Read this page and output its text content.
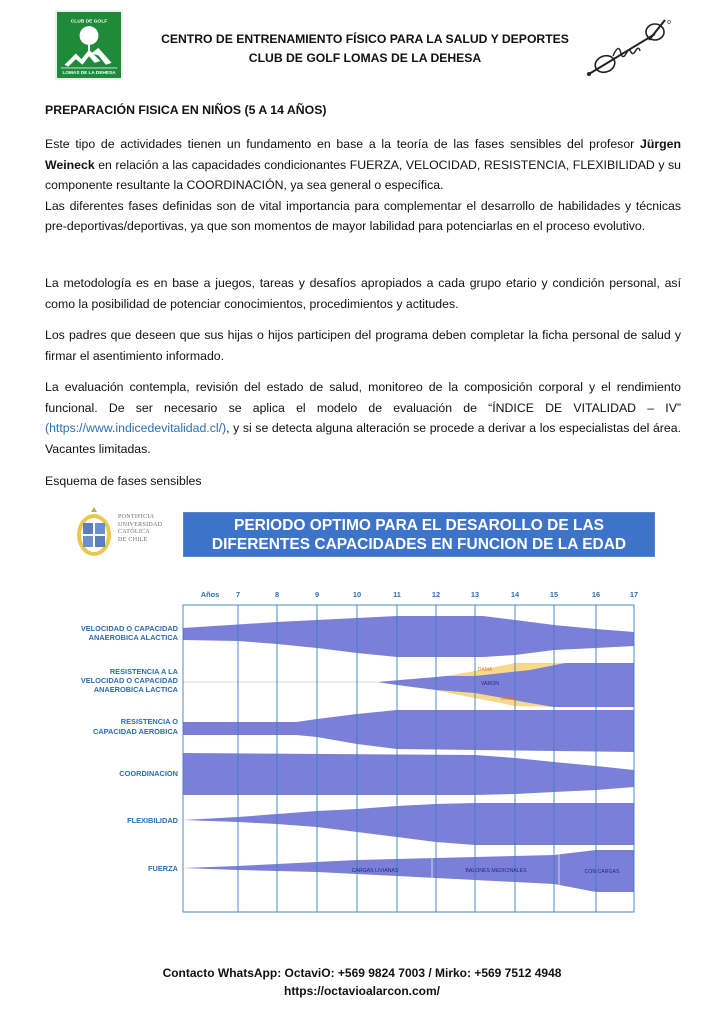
CLUB DE GOLF
LOMAS DE LA DEHESA
CENTRO DE ENTRENAMIENTO FÍSICO PARA LA SALUD Y DEPORTES
CLUB DE GOLF LOMAS DE LA DEHESA
PREPARACIÓN FISICA EN NIÑOS (5 A 14 AÑOS)
Este tipo de actividades tienen un fundamento en base a la teoría de las fases sensibles del profesor Jürgen Weineck en relación a las capacidades condicionantes FUERZA, VELOCIDAD, RESISTENCIA, FLEXIBILIDAD y su componente resultante la COORDINACIÓN, ya sea general o específica.
Las diferentes fases definidas son de vital importancia para complementar el desarrollo de habilidades y técnicas pre-deportivas/deportivas, ya que son momentos de mayor labilidad para potenciarlas en el proceso evolutivo.
La metodología es en base a juegos, tareas y desafíos apropiados a cada grupo etario y condición personal, así como la posibilidad de potenciar conocimientos, procedimientos y actitudes.
Los padres que deseen que sus hijas o hijos participen del programa deben completar la ficha personal de salud y firmar el asentimiento informado.
La evaluación contempla, revisión del estado de salud, monitoreo de la composición corporal y el rendimiento funcional. De ser necesario se aplica el modelo de evaluación de “ÍNDICE DE VITALIDAD – IV” (https://www.indicedevitalidad.cl/), y si se detecta alguna alteración se procede a derivar a los especialistas del área. Vacantes limitadas.
Esquema de fases sensibles
PONTIFICIA
UNIVERSIDAD
CATÓLICA
DE CHILE
PERIODO OPTIMO PARA EL DESAROLLO DE LAS
DIFERENTES CAPACIDADES EN FUNCION DE LA EDAD
Años 7	8	9	10	11	12	13	14	15	16	17
DAMA
VARON
DAMA
CARGAS LIVIANAS	BALONES MEDICINALES	CON CARGAS
VELOCIDAD O CAPACIDAD
ANAEROBICA ALACTICA
RESISTENCIA A LA
VELOCIDAD O CAPACIDAD
ANAEROBICA LACTICA
RESISTENCIA O
CAPACIDAD AEROBICA
COORDINACION
FLEXIBILIDAD
FUERZA
Contacto WhatsApp: OctaviO: +569 9824 7003 / Mirko: +569 7512 4948
https://octavioalarcon.com/
